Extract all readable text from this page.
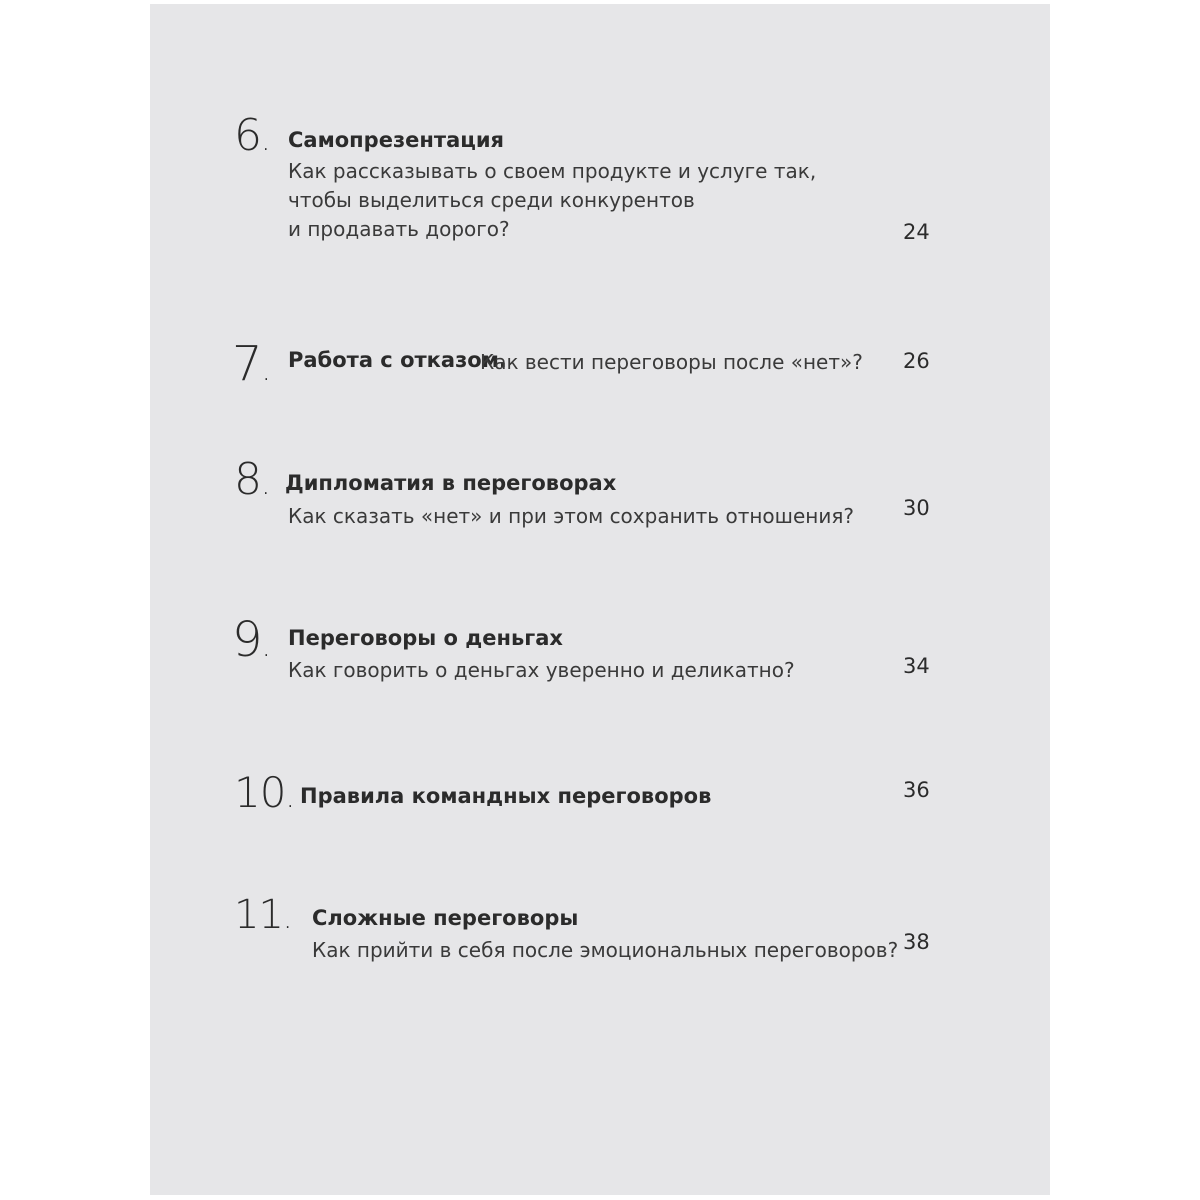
6. Самопрезентация
Как рассказывать о своем продукте и услуге так,
чтобы выделиться среди конкурентов
и продавать дорого?	24
7. Работа с отказом.
Как вести переговоры после «нет»? 26
8. Дипломатия в переговорах
Как сказать «нет» и при этом сохранить отношения? 30
9. Переговоры о деньгах
Как говорить о деньгах уверенно и деликатно?	34
10. Правила командных переговоров	36
11. Сложные переговоры
Как прийти в себя после эмоциональных переговоров? 38
